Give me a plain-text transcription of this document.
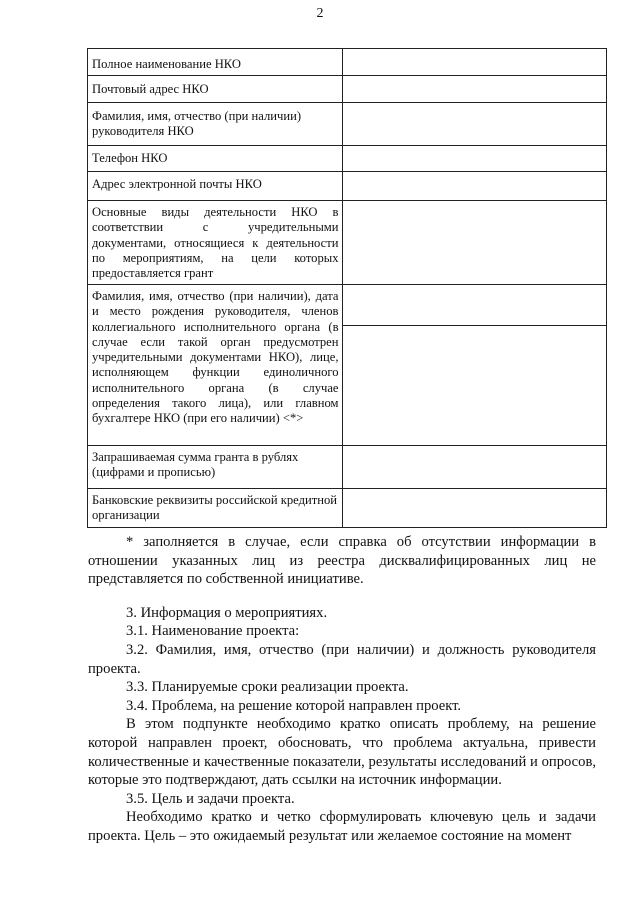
2
Полное наименование НКО	
Почтовый адрес НКО	
Фамилия, имя, отчество (при наличии) руководителя НКО	
Телефон НКО	
Адрес электронной почты НКО	
Основные виды деятельности НКО в соответствии с учредительными документами, относящиеся к деятельности по мероприятиям, на цели которых предоставляется грант	
Фамилия, имя, отчество (при наличии), дата и место рождения руководителя, членов коллегиального исполнительного органа (в случае если такой орган предусмотрен учредительными документами НКО), лице, исполняющем функции единоличного исполнительного органа (в случае определения такого лица), или главном бухгалтере НКО (при его наличии) <*>	

Запрашиваемая сумма гранта в рублях (цифрами и прописью)	
Банковские реквизиты российской кредитной организации	

* заполняется в случае, если справка об отсутствии информации в отношении указанных лиц из реестра дисквалифицированных лиц не представляется по собственной инициативе.

3. Информация о мероприятиях.

3.1. Наименование проекта:

3.2. Фамилия, имя, отчество (при наличии) и должность руководителя проекта.

3.3. Планируемые сроки реализации проекта.

3.4. Проблема, на решение которой направлен проект.

В этом подпункте необходимо кратко описать проблему, на решение которой направлен проект, обосновать, что проблема актуальна, привести количественные и качественные показатели, результаты исследований и опросов, которые это подтверждают, дать ссылки на источник информации.

3.5. Цель и задачи проекта.

Необходимо кратко и четко сформулировать ключевую цель и задачи проекта. Цель – это ожидаемый результат или желаемое состояние на момент
